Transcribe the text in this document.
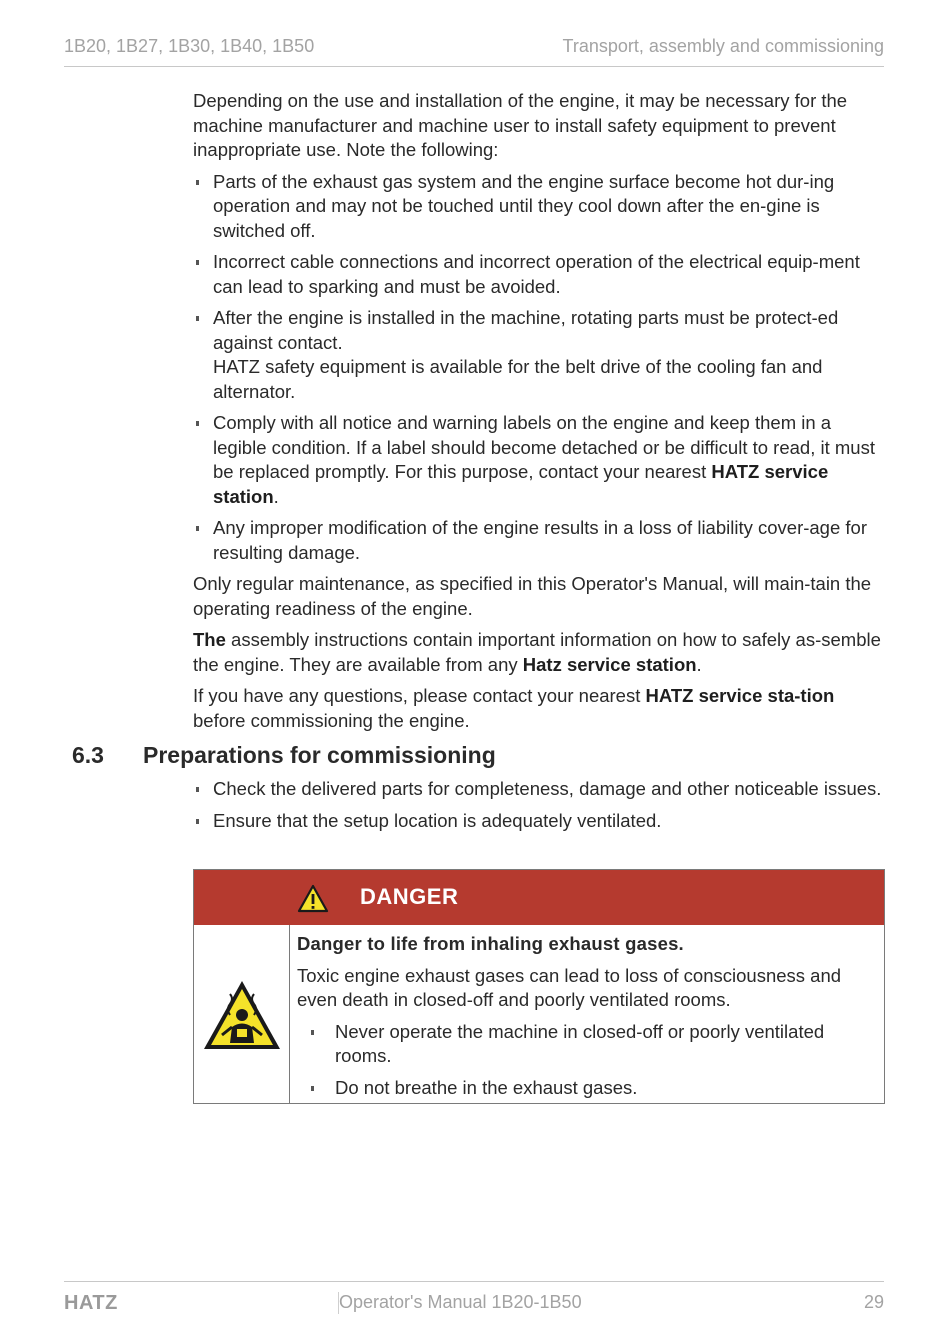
1B20, 1B27, 1B30, 1B40, 1B50	Transport, assembly and commissioning

Depending on the use and installation of the engine, it may be necessary for the machine manufacturer and machine user to install safety equipment to prevent inappropriate use. Note the following:

Parts of the exhaust gas system and the engine surface become hot dur-ing operation and may not be touched until they cool down after the en-gine is switched off.
Incorrect cable connections and incorrect operation of the electrical equip-ment can lead to sparking and must be avoided.
After the engine is installed in the machine, rotating parts must be protect-ed against contact.
HATZ safety equipment is available for the belt drive of the cooling fan and alternator.
Comply with all notice and warning labels on the engine and keep them in a legible condition. If a label should become detached or be difficult to read, it must be replaced promptly. For this purpose, contact your nearest HATZ service station.
Any improper modification of the engine results in a loss of liability cover-age for resulting damage.

Only regular maintenance, as specified in this Operator's Manual, will main-tain the operating readiness of the engine.

The assembly instructions contain important information on how to safely as-semble the engine. They are available from any Hatz service station.

If you have any questions, please contact your nearest HATZ service sta-tion before commissioning the engine.

6.3 Preparations for commissioning
Check the delivered parts for completeness, damage and other noticeable issues.
Ensure that the setup location is adequately ventilated.
DANGER
Danger to life from inhaling exhaust gases.

Toxic engine exhaust gases can lead to loss of consciousness and even death in closed-off and poorly ventilated rooms.

Never operate the machine in closed-off or poorly ventilated rooms.
Do not breathe in the exhaust gases.
HATZ	Operator's Manual 1B20-1B50	29
